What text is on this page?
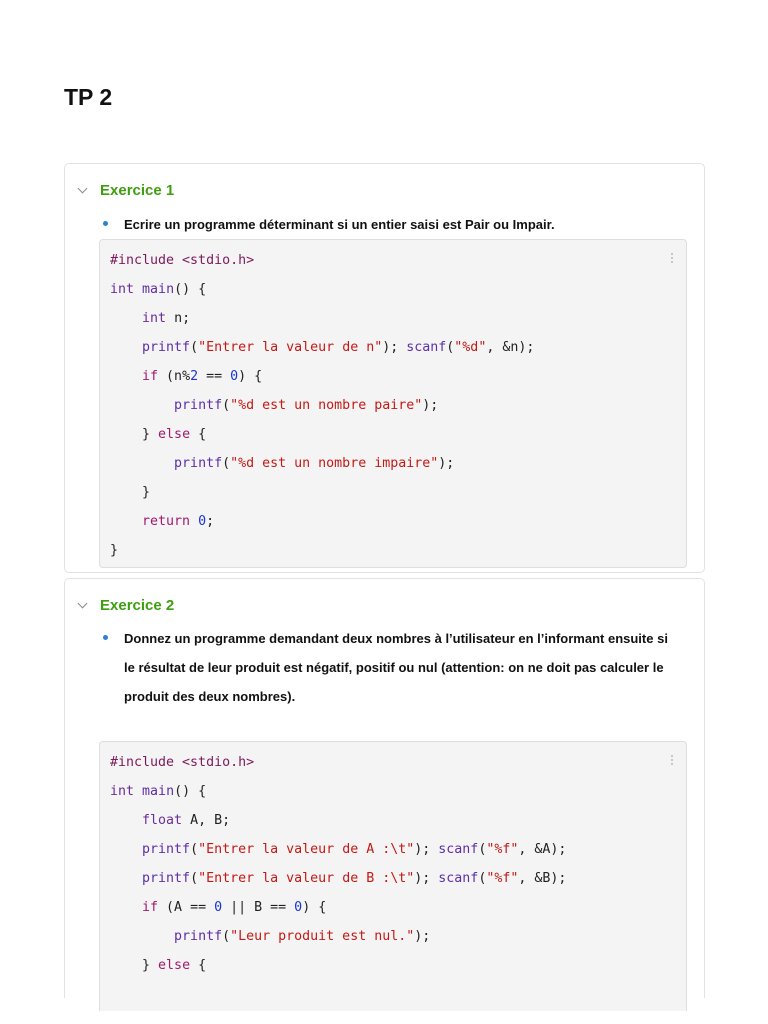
TP 2
Exercice 1
Ecrire un programme déterminant si un entier saisi est Pair ou Impair.
#include <stdio.h>
int main() {
int n;
printf("Entrer la valeur de n"); scanf("%d", &n);
if (n%2 == 0) {
printf("%d est un nombre paire");
} else {
printf("%d est un nombre impaire");
}
return 0;
}
Exercice 2
Donnez un programme demandant deux nombres à l’utilisateur en l’informant ensuite si le résultat de leur produit est négatif, positif ou nul (attention: on ne doit pas calculer le produit des deux nombres).
#include <stdio.h>
int main() {
float A, B;
printf("Entrer la valeur de A :\t"); scanf("%f", &A);
printf("Entrer la valeur de B :\t"); scanf("%f", &B);
if (A == 0 || B == 0) {
printf("Leur produit est nul.");
} else {
